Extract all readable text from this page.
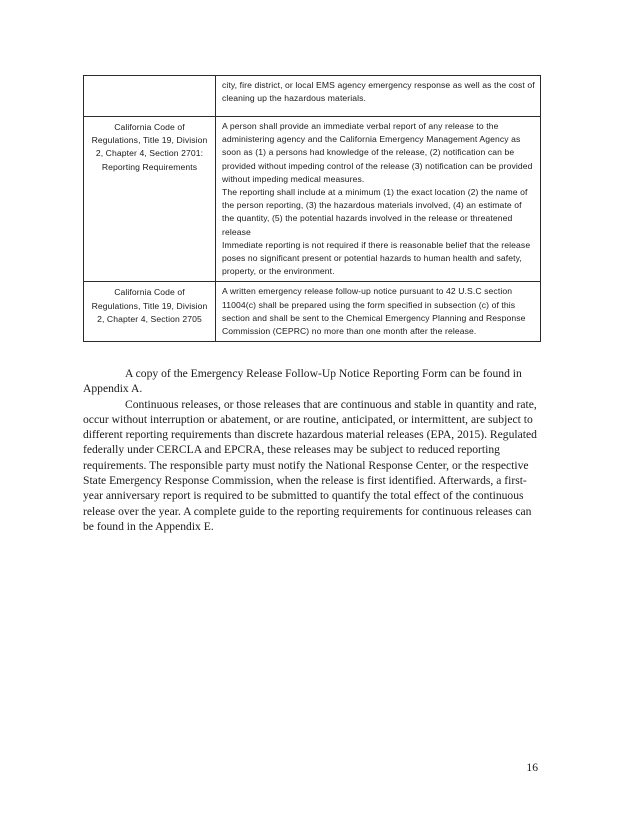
	city, fire district, or local EMS agency emergency response as well as the cost of cleaning up the hazardous materials.

California Code of Regulations, Title 19, Division 2, Chapter 4, Section 2701: Reporting Requirements	A person shall provide an immediate verbal report of any release to the administering agency and the California Emergency Management Agency as soon as (1) a persons had knowledge of the release, (2) notification can be provided without impeding control of the release (3) notification can be provided without impeding medical measures.

The reporting shall include at a minimum (1) the exact location (2) the name of the person reporting, (3) the hazardous materials involved, (4) an estimate of the quantity, (5) the potential hazards involved in the release or threatened release

Immediate reporting is not required if there is reasonable belief that the release poses no significant present or potential hazards to human health and safety, property, or the environment.

California Code of Regulations, Title 19, Division 2, Chapter 4, Section 2705	A written emergency release follow-up notice pursuant to 42 U.S.C section 11004(c) shall be prepared using the form specified in subsection (c) of this section and shall be sent to the Chemical Emergency Planning and Response Commission (CEPRC) no more than one month after the release.

A copy of the Emergency Release Follow-Up Notice Reporting Form can be found in Appendix A.

Continuous releases, or those releases that are continuous and stable in quantity and rate, occur without interruption or abatement, or are routine, anticipated, or intermittent, are subject to different reporting requirements than discrete hazardous material releases (EPA, 2015). Regulated federally under CERCLA and EPCRA, these releases may be subject to reduced reporting requirements. The responsible party must notify the National Response Center, or the respective State Emergency Response Commission, when the release is first identified. Afterwards, a first-year anniversary report is required to be submitted to quantify the total effect of the continuous release over the year. A complete guide to the reporting requirements for continuous releases can be found in the Appendix E.

16
